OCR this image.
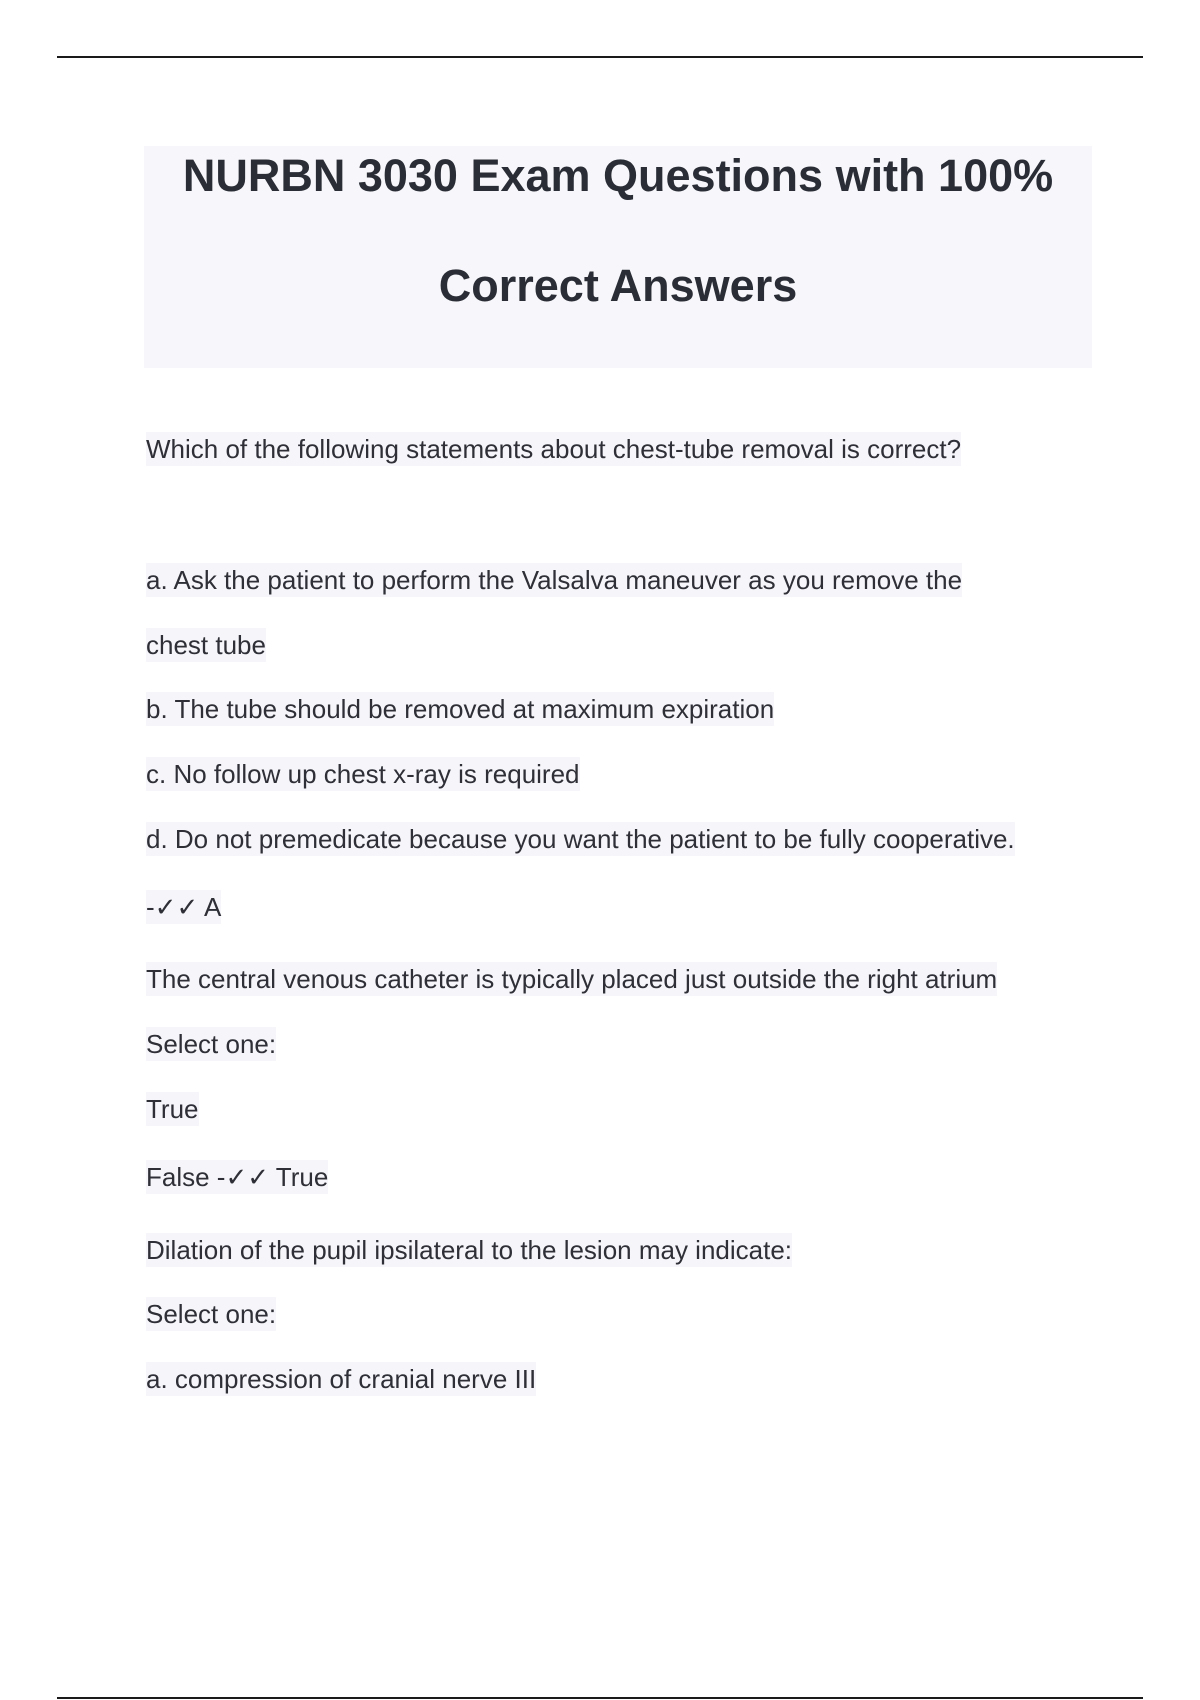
NURBN 3030 Exam Questions with 100%
Correct Answers
Which of the following statements about chest-tube removal is correct?
a. Ask the patient to perform the Valsalva maneuver as you remove the
chest tube
b. The tube should be removed at maximum expiration
c. No follow up chest x-ray is required
d. Do not premedicate because you want the patient to be fully cooperative.
-✓✓ A
The central venous catheter is typically placed just outside the right atrium
Select one:
True
False -✓✓ True
Dilation of the pupil ipsilateral to the lesion may indicate:
Select one:
a. compression of cranial nerve III
